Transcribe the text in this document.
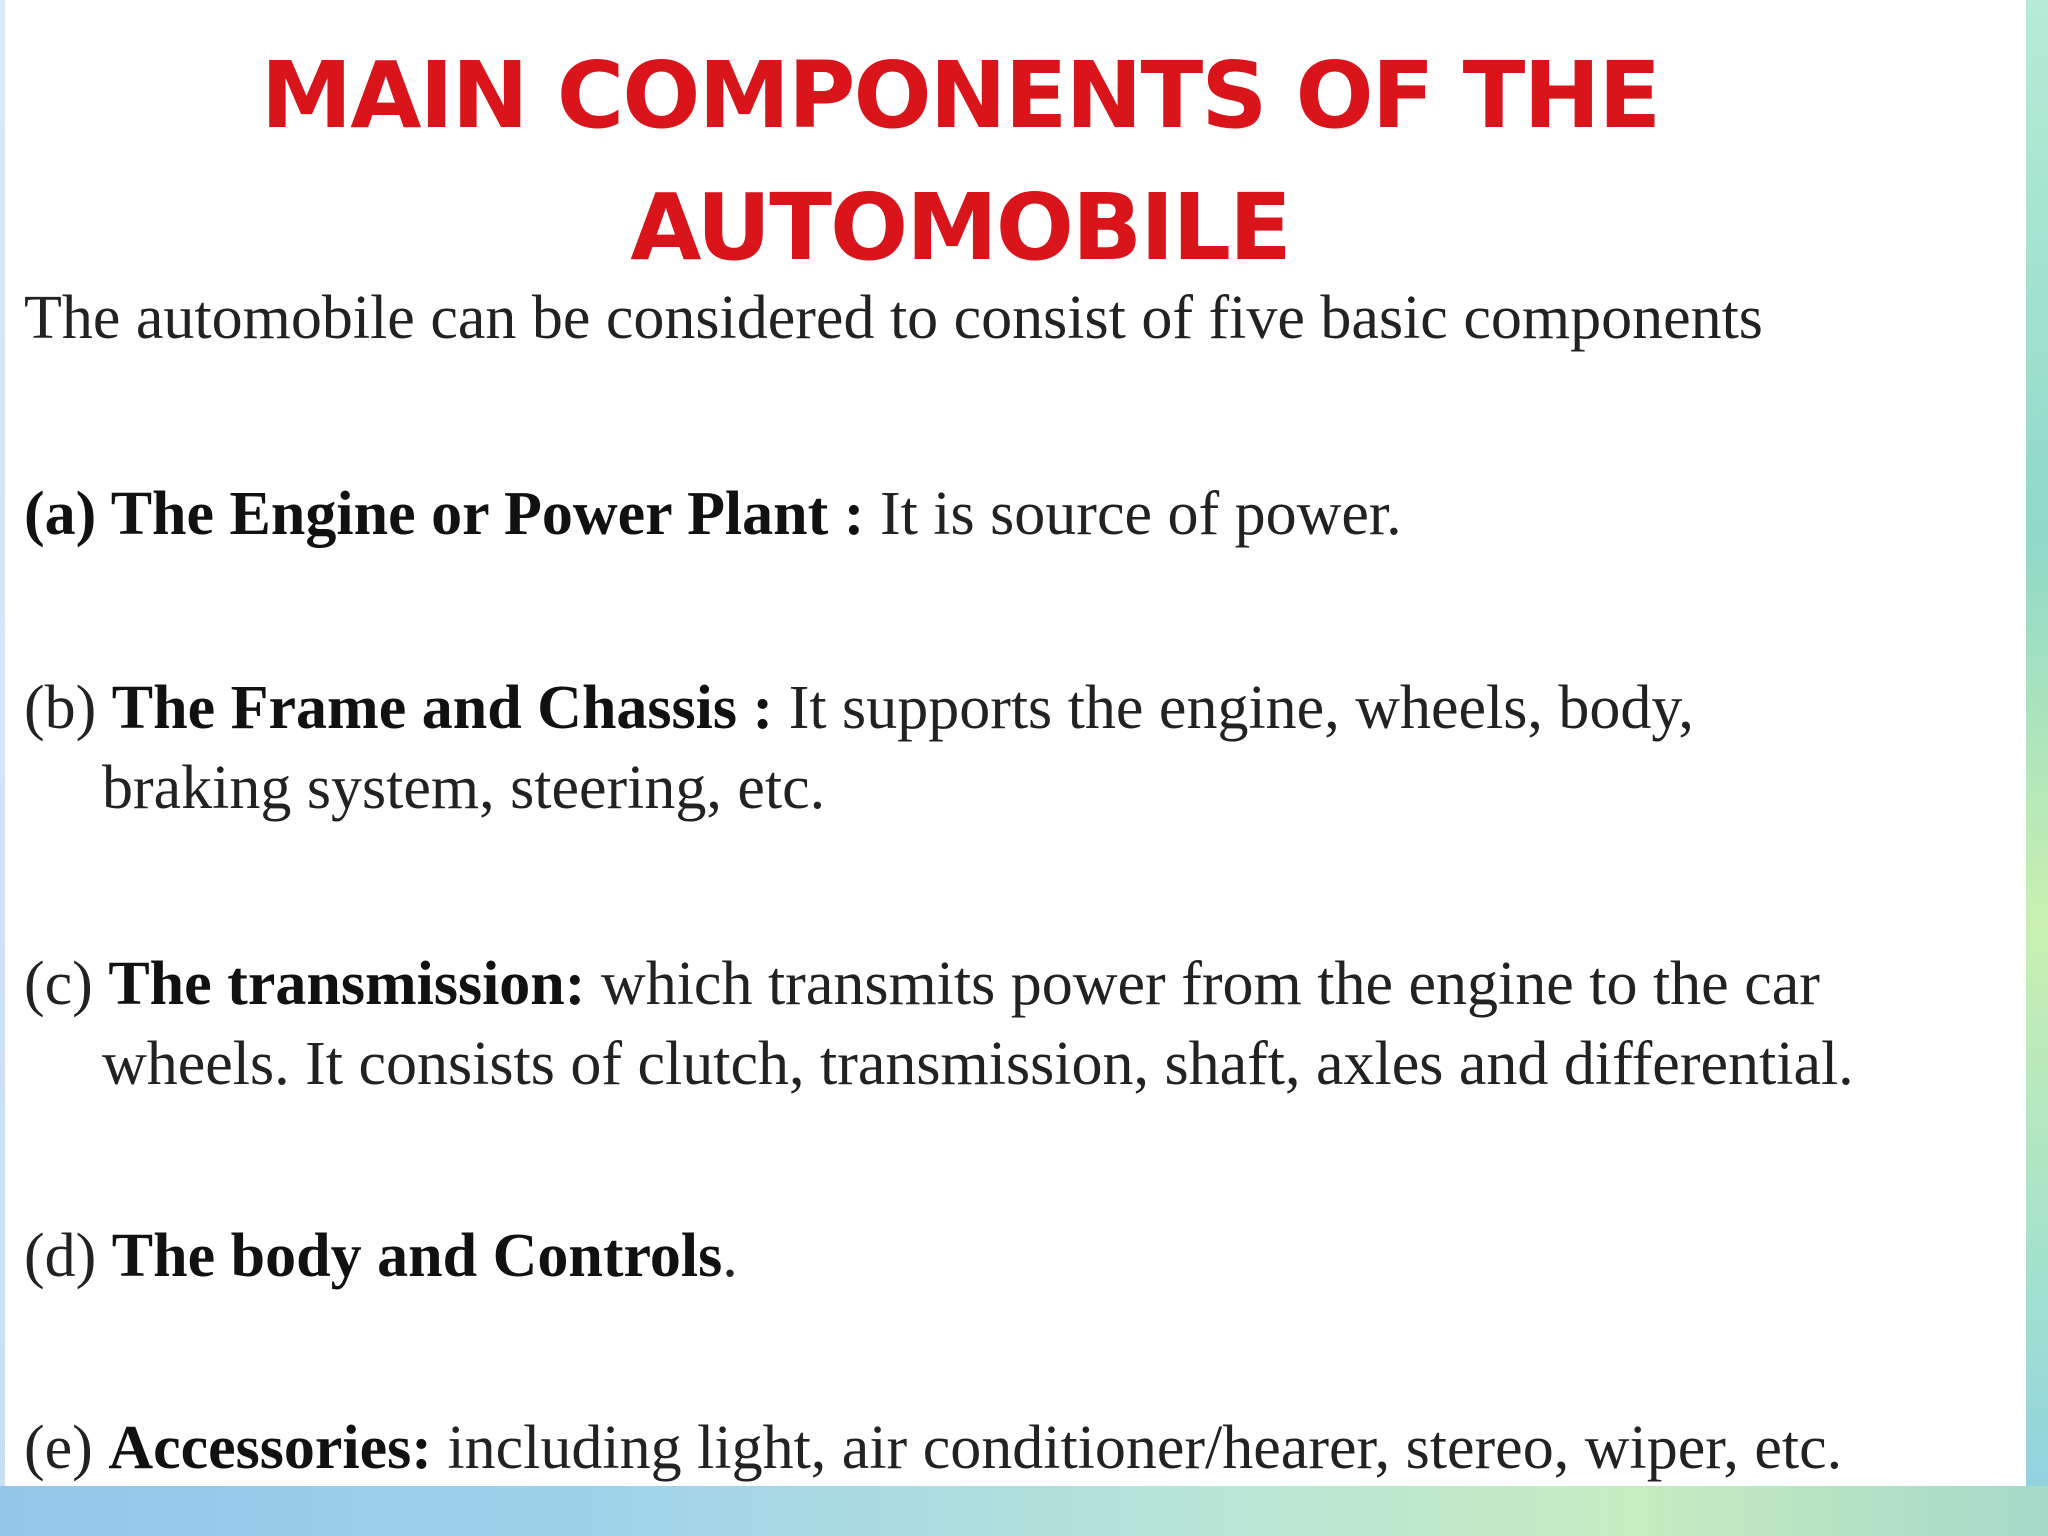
MAIN COMPONENTS OF THE
AUTOMOBILE

The automobile can be considered to consist of five basic components

(a) The Engine or Power Plant : It is source of power.

(b) The Frame and Chassis : It supports the engine, wheels, body,
braking system, steering, etc.

(c) The transmission: which transmits power from the engine to the car
wheels. It consists of clutch, transmission, shaft, axles and differential.

(d) The body and Controls.

(e) Accessories: including light, air conditioner/hearer, stereo, wiper, etc.
